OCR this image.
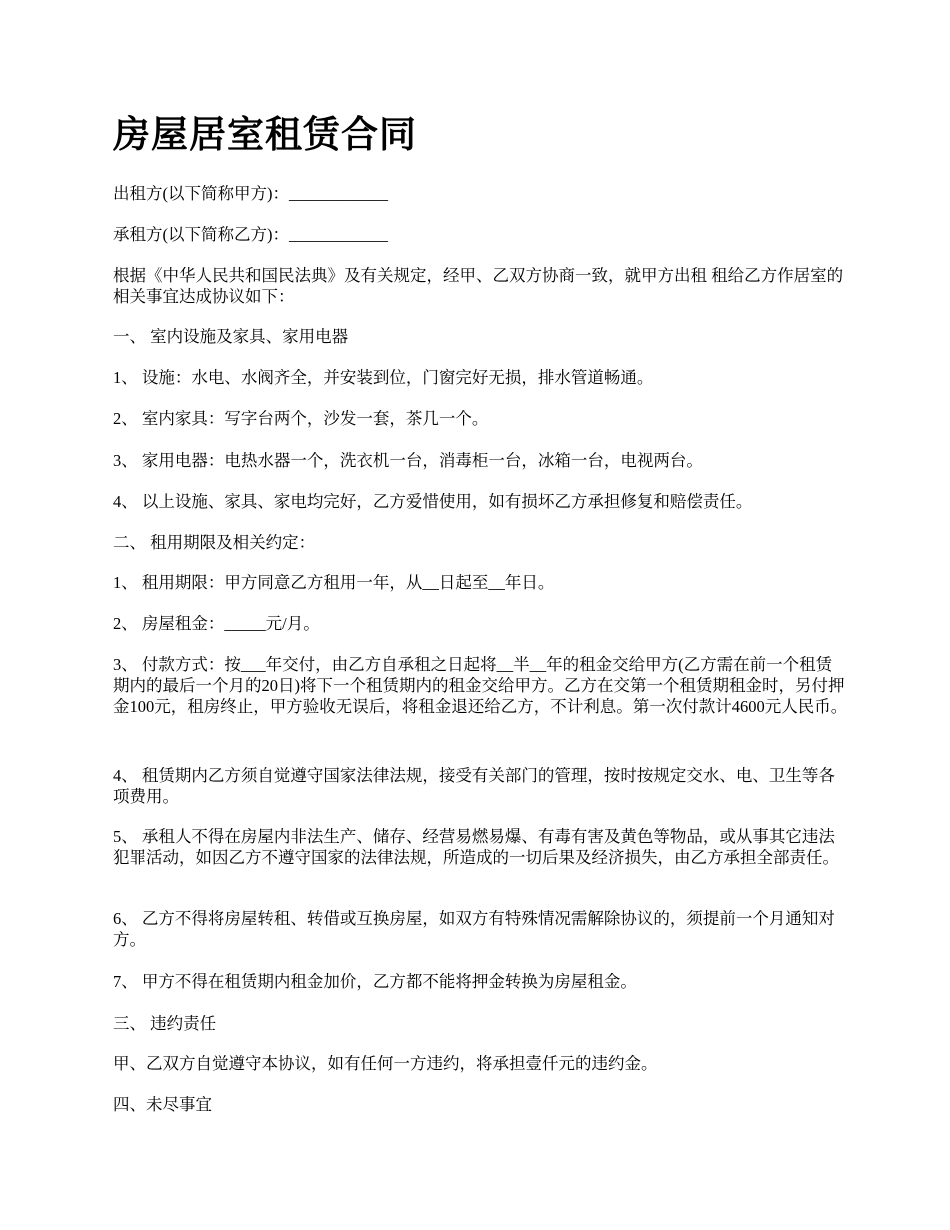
房屋居室租赁合同

出租方(以下简称甲方)：____________

承租方(以下简称乙方)：____________

根据《中华人民共和国民法典》及有关规定，经甲、乙双方协商一致，就甲方出租 租给乙方作居室的相关事宜达成协议如下：

一、 室内设施及家具、家用电器

1、 设施：水电、水阀齐全，并安装到位，门窗完好无损，排水管道畅通。

2、 室内家具：写字台两个，沙发一套，茶几一个。

3、 家用电器：电热水器一个，洗衣机一台，消毒柜一台，冰箱一台，电视两台。

4、 以上设施、家具、家电均完好，乙方爱惜使用，如有损坏乙方承担修复和赔偿责任。

二、 租用期限及相关约定：

1、 租用期限：甲方同意乙方租用一年，从__日起至__年日。

2、 房屋租金：_____元/月。

3、 付款方式：按___年交付，由乙方自承租之日起将__半__年的租金交给甲方(乙方需在前一个租赁期内的最后一个月的20日)将下一个租赁期内的租金交给甲方。乙方在交第一个租赁期租金时，另付押金100元，租房终止，甲方验收无误后，将租金退还给乙方，不计利息。第一次付款计4600元人民币。

4、 租赁期内乙方须自觉遵守国家法律法规，接受有关部门的管理，按时按规定交水、电、卫生等各项费用。

5、 承租人不得在房屋内非法生产、储存、经营易燃易爆、有毒有害及黄色等物品，或从事其它违法犯罪活动，如因乙方不遵守国家的法律法规，所造成的一切后果及经济损失，由乙方承担全部责任。

6、 乙方不得将房屋转租、转借或互换房屋，如双方有特殊情况需解除协议的，须提前一个月通知对方。

7、 甲方不得在租赁期内租金加价，乙方都不能将押金转换为房屋租金。

三、 违约责任

甲、乙双方自觉遵守本协议，如有任何一方违约，将承担壹仟元的违约金。

四、未尽事宜
